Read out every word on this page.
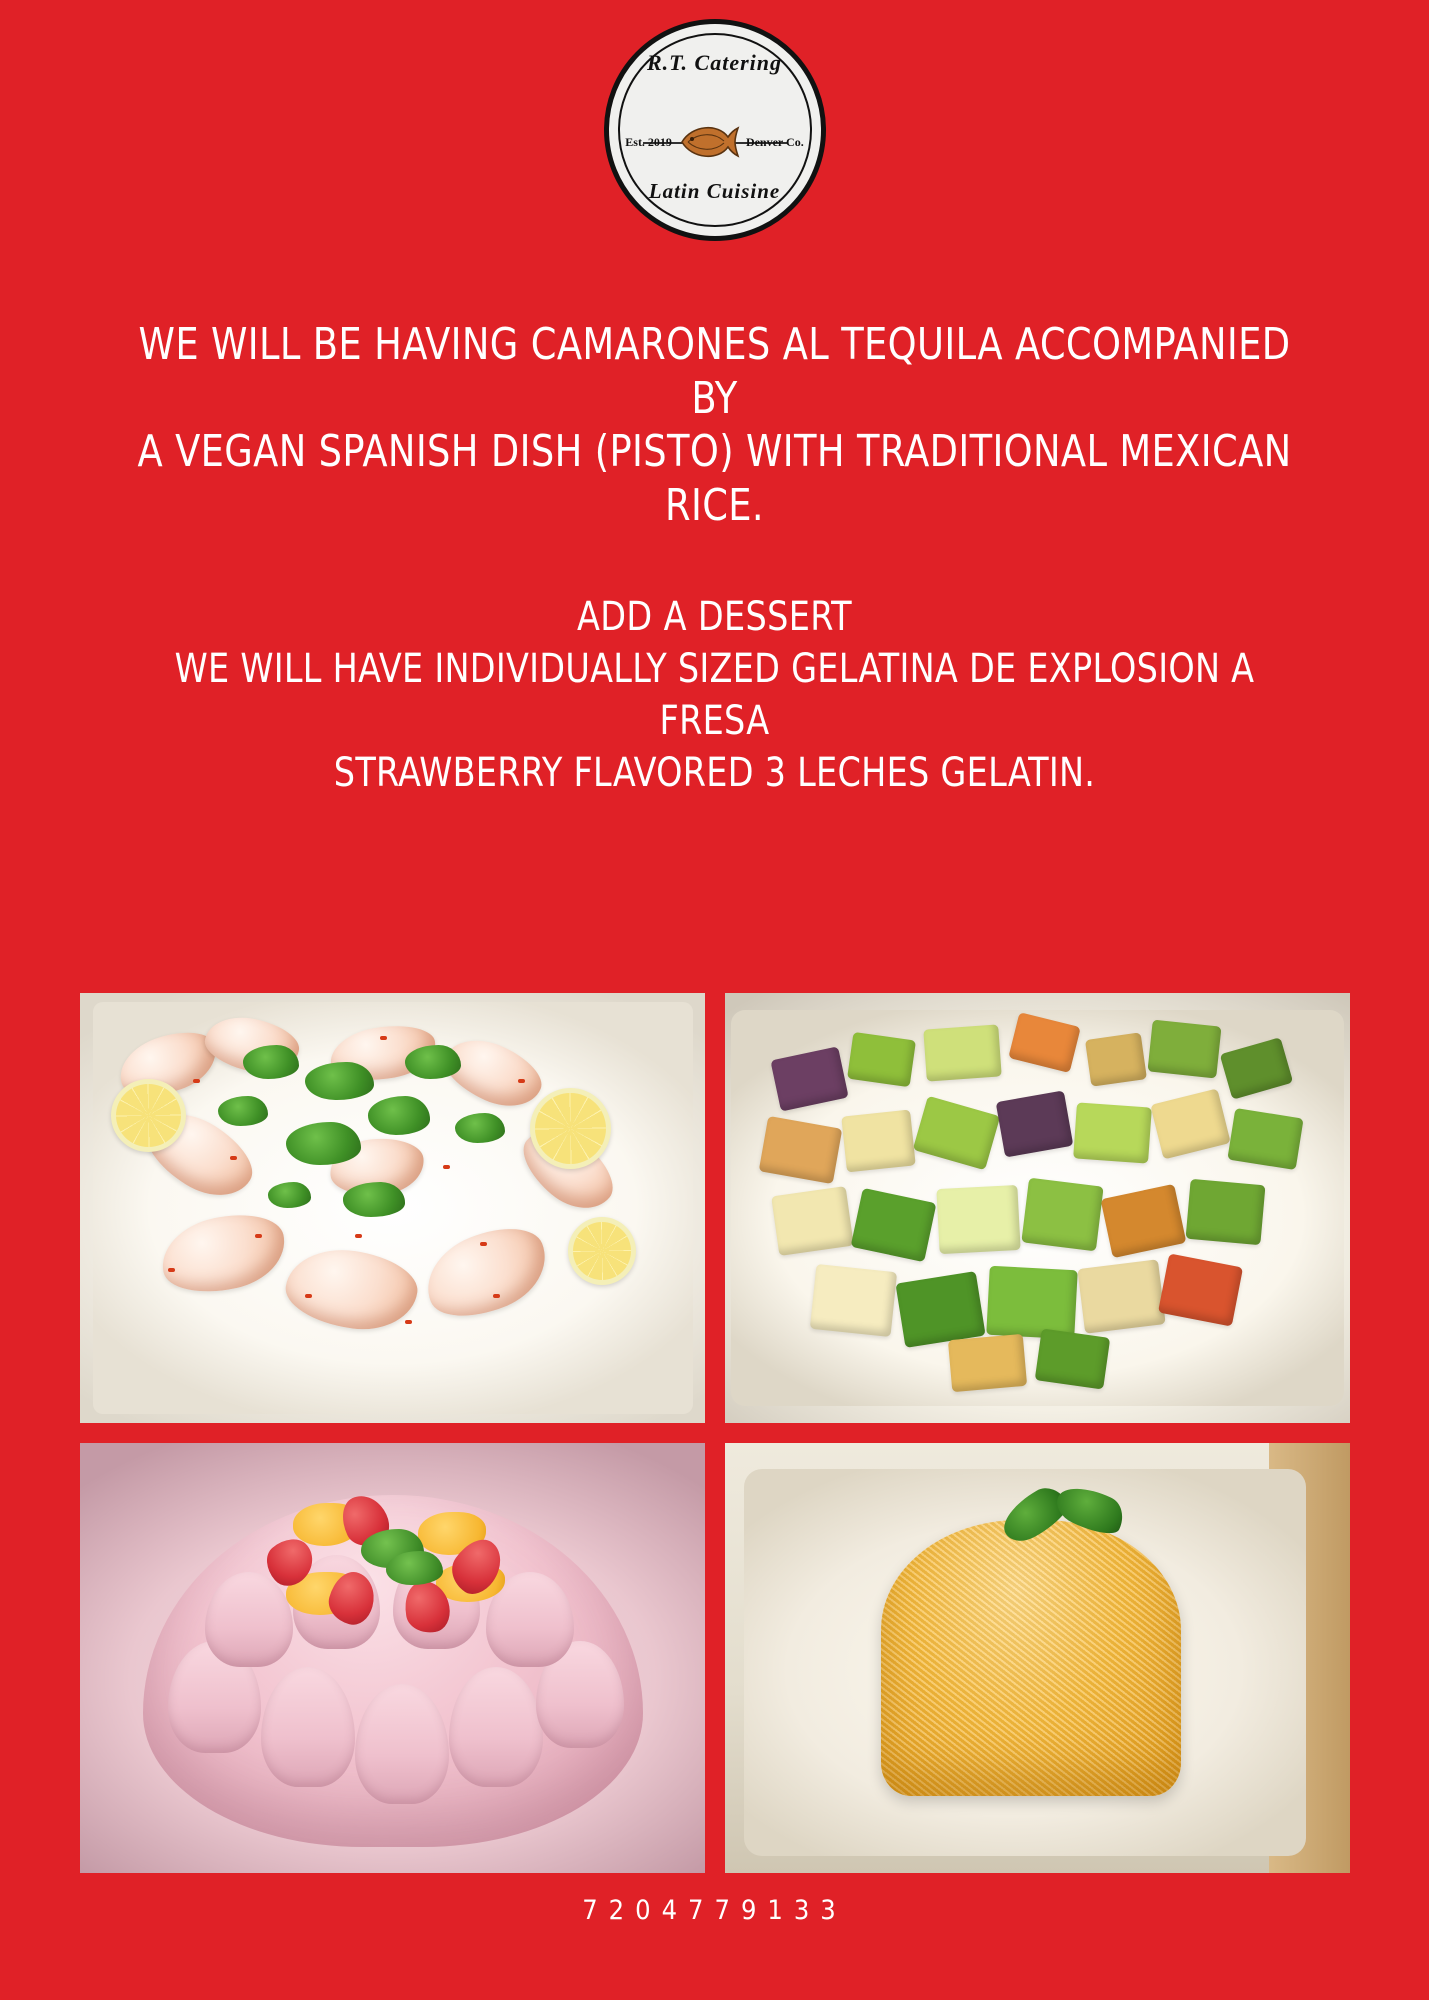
R.T. Catering
Est. 2019	Denver Co.
Latin Cuisine

WE WILL BE HAVING CAMARONES AL TEQUILA ACCOMPANIED BY

A VEGAN SPANISH DISH (PISTO) WITH TRADITIONAL MEXICAN

RICE.

ADD A DESSERT

WE WILL HAVE INDIVIDUALLY SIZED GELATINA DE EXPLOSION A FRESA

STRAWBERRY FLAVORED 3 LECHES GELATIN.

7204779133
